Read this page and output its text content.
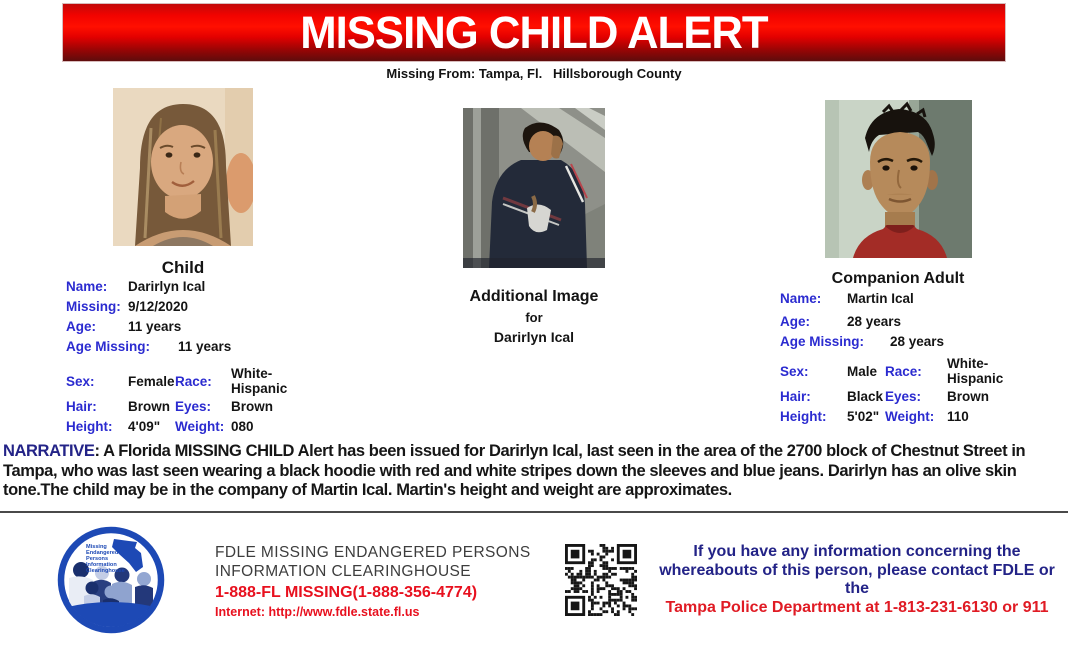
MISSING CHILD ALERT
Missing From: Tampa, Fl.   Hillsborough County
Child
Name:	Darirlyn Ical
Missing: 9/12/2020
Age:	11 years
Age Missing:	11 years
Sex:	Female Race:	White-Hispanic
Hair:	Brown Eyes:	Brown
Height:	4'09"	Weight: 080
Additional Image
for
Darirlyn Ical
Companion Adult
Name:	Martin Ical
Age:	28 years
Age Missing:	28 years
Sex:	Male Race:	White-Hispanic
Hair:	Black Eyes:	Brown
Height:	5'02" Weight: 110
NARRATIVE: A Florida MISSING CHILD Alert has been issued for Darirlyn Ical, last seen in the area of the 2700 block of Chestnut Street in Tampa, who was last seen wearing a black hoodie with red and white stripes down the sleeves and blue jeans. Darirlyn has an olive skin tone.The child may be in the company of Martin Ical. Martin's height and weight are approximates.
Missing
Endangered
Persons
Information
Clearinghouse
FDLE MISSING ENDANGERED PERSONS
INFORMATION CLEARINGHOUSE
1-888-FL MISSING(1-888-356-4774)
Internet: http://www.fdle.state.fl.us
If you have any information concerning the whereabouts of this person, please contact FDLE or the
Tampa Police Department at 1-813-231-6130 or 911
